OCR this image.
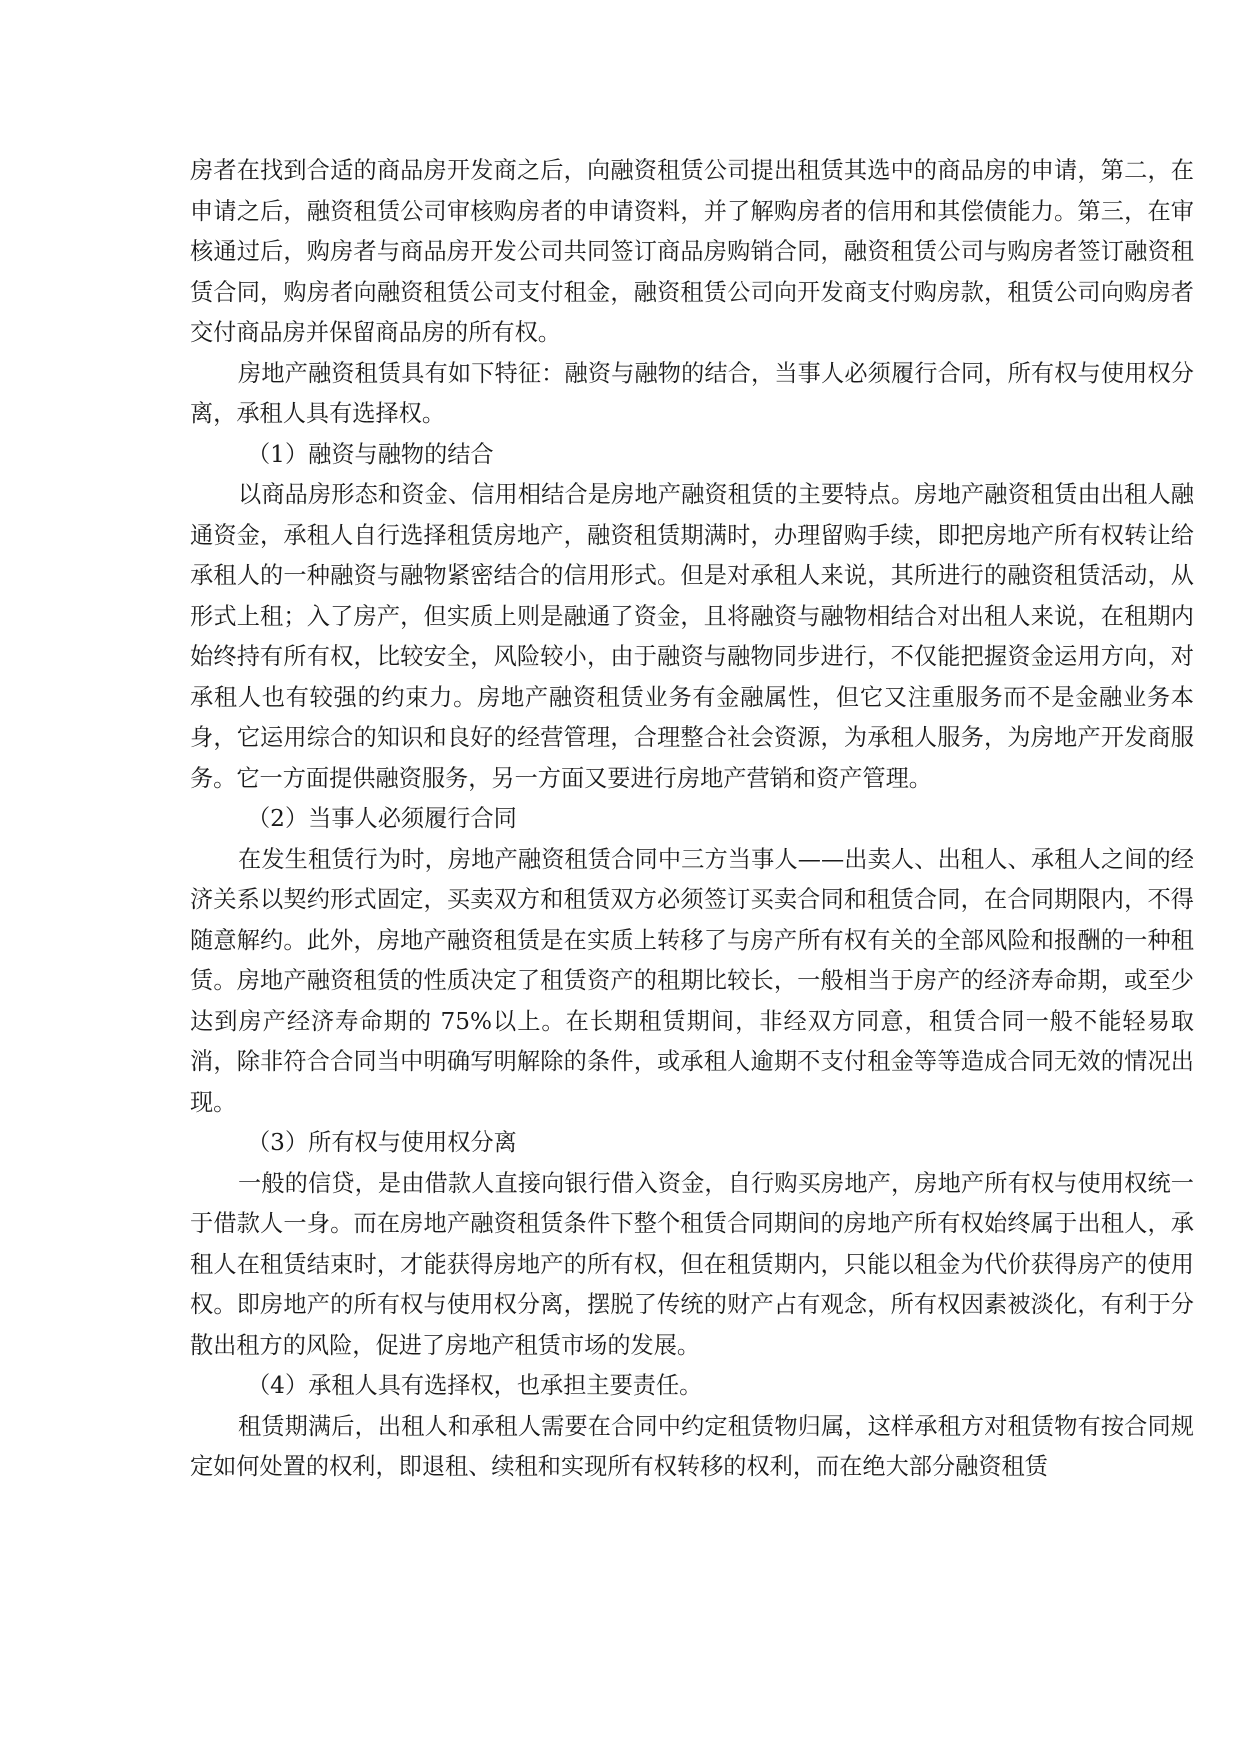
房者在找到合适的商品房开发商之后，向融资租赁公司提出租赁其选中的商品房的申请，第二，在申请之后，融资租赁公司审核购房者的申请资料，并了解购房者的信用和其偿债能力。第三，在审核通过后，购房者与商品房开发公司共同签订商品房购销合同，融资租赁公司与购房者签订融资租赁合同，购房者向融资租赁公司支付租金，融资租赁公司向开发商支付购房款，租赁公司向购房者交付商品房并保留商品房的所有权。

房地产融资租赁具有如下特征：融资与融物的结合，当事人必须履行合同，所有权与使用权分离，承租人具有选择权。

（1）融资与融物的结合

以商品房形态和资金、信用相结合是房地产融资租赁的主要特点。房地产融资租赁由出租人融通资金，承租人自行选择租赁房地产，融资租赁期满时，办理留购手续，即把房地产所有权转让给承租人的一种融资与融物紧密结合的信用形式。但是对承租人来说，其所进行的融资租赁活动，从形式上租；入了房产，但实质上则是融通了资金，且将融资与融物相结合对出租人来说，在租期内始终持有所有权，比较安全，风险较小，由于融资与融物同步进行，不仅能把握资金运用方向，对承租人也有较强的约束力。房地产融资租赁业务有金融属性，但它又注重服务而不是金融业务本身，它运用综合的知识和良好的经营管理，合理整合社会资源，为承租人服务，为房地产开发商服务。它一方面提供融资服务，另一方面又要进行房地产营销和资产管理。

（2）当事人必须履行合同

在发生租赁行为时，房地产融资租赁合同中三方当事人——出卖人、出租人、承租人之间的经济关系以契约形式固定，买卖双方和租赁双方必须签订买卖合同和租赁合同，在合同期限内，不得随意解约。此外，房地产融资租赁是在实质上转移了与房产所有权有关的全部风险和报酬的一种租赁。房地产融资租赁的性质决定了租赁资产的租期比较长，一般相当于房产的经济寿命期，或至少达到房产经济寿命期的 75%以上。在长期租赁期间，非经双方同意，租赁合同一般不能轻易取消，除非符合合同当中明确写明解除的条件，或承租人逾期不支付租金等等造成合同无效的情况出现。

（3）所有权与使用权分离

一般的信贷，是由借款人直接向银行借入资金，自行购买房地产，房地产所有权与使用权统一于借款人一身。而在房地产融资租赁条件下整个租赁合同期间的房地产所有权始终属于出租人，承租人在租赁结束时，才能获得房地产的所有权，但在租赁期内，只能以租金为代价获得房产的使用权。即房地产的所有权与使用权分离，摆脱了传统的财产占有观念，所有权因素被淡化，有利于分散出租方的风险，促进了房地产租赁市场的发展。

（4）承租人具有选择权，也承担主要责任。

租赁期满后，出租人和承租人需要在合同中约定租赁物归属，这样承租方对租赁物有按合同规定如何处置的权利，即退租、续租和实现所有权转移的权利，而在绝大部分融资租赁
